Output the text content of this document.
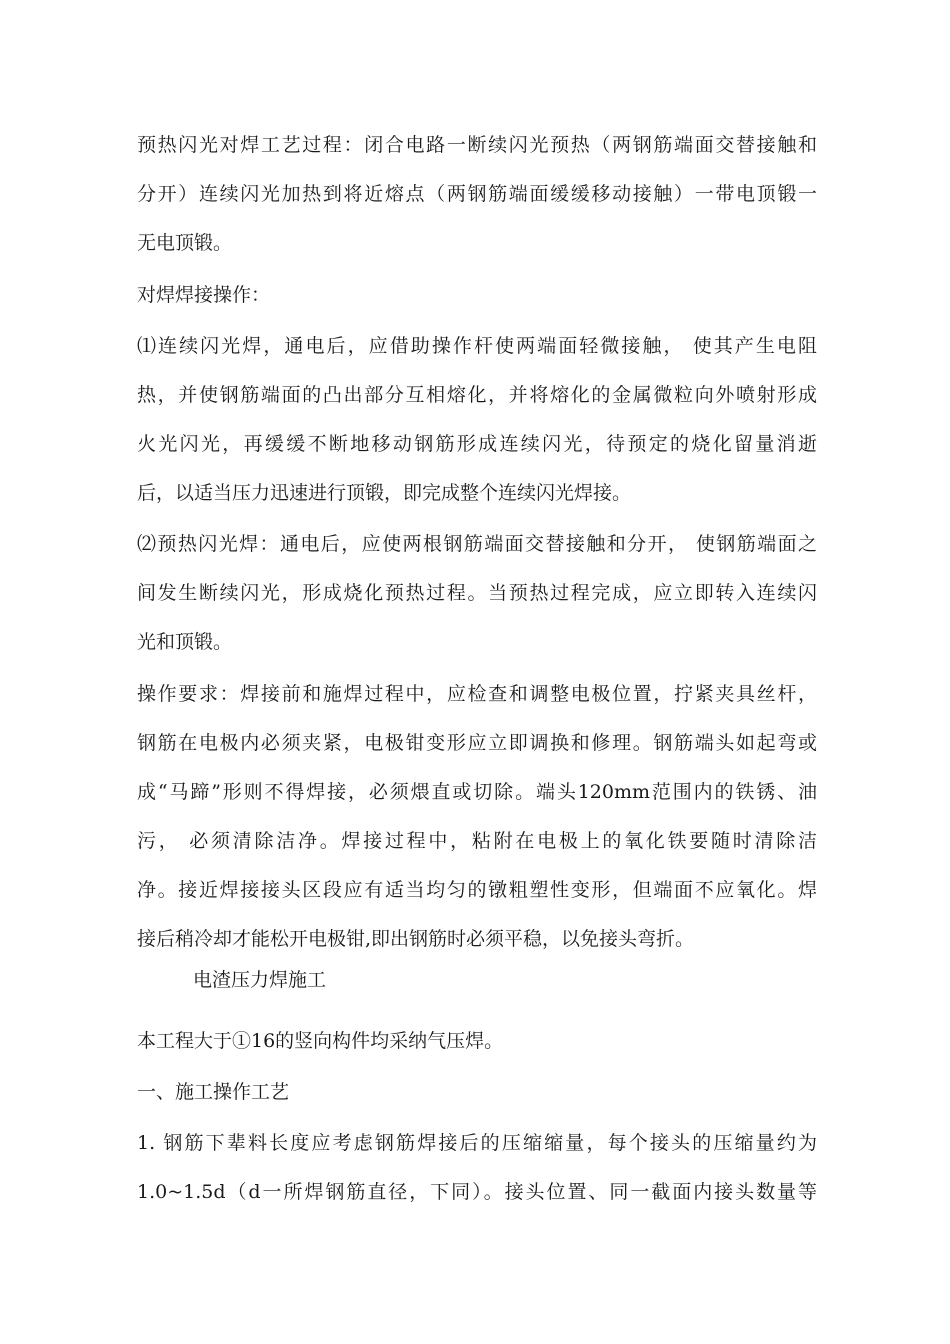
预热闪光对焊工艺过程：闭合电路一断续闪光预热（两钢筋端面交替接触和
分开）连续闪光加热到将近熔点（两钢筋端面缓缓移动接触）一带电顶锻一
无电顶锻。
对焊焊接操作：
⑴连续闪光焊，通电后，应借助操作杆使两端面轻微接触， 使其产生电阻
热，并使钢筋端面的凸出部分互相熔化，并将熔化的金属微粒向外喷射形成
火光闪光，再缓缓不断地移动钢筋形成连续闪光，待预定的烧化留量消逝
后，以适当压力迅速进行顶锻，即完成整个连续闪光焊接。
⑵预热闪光焊：通电后，应使两根钢筋端面交替接触和分开， 使钢筋端面之
间发生断续闪光，形成烧化预热过程。当预热过程完成，应立即转入连续闪
光和顶锻。
操作要求：焊接前和施焊过程中，应检查和调整电极位置，拧紧夹具丝杆，
钢筋在电极内必须夹紧，电极钳变形应立即调换和修理。钢筋端头如起弯或
成“马蹄”形则不得焊接，必须煨直或切除。端头120mm范围内的铁锈、油
污， 必须清除洁净。焊接过程中，粘附在电极上的氧化铁要随时清除洁
净。接近焊接接头区段应有适当均匀的镦粗塑性变形，但端面不应氧化。焊
接后稍冷却才能松开电极钳,即出钢筋时必须平稳，以免接头弯折。
电渣压力焊施工
本工程大于①16的竖向构件均采纳气压焊。
一、施工操作工艺
1. 钢筋下辈料长度应考虑钢筋焊接后的压缩缩量，每个接头的压缩量约为
1.0~1.5d（d一所焊钢筋直径，下同）。接头位置、同一截面内接头数量等
